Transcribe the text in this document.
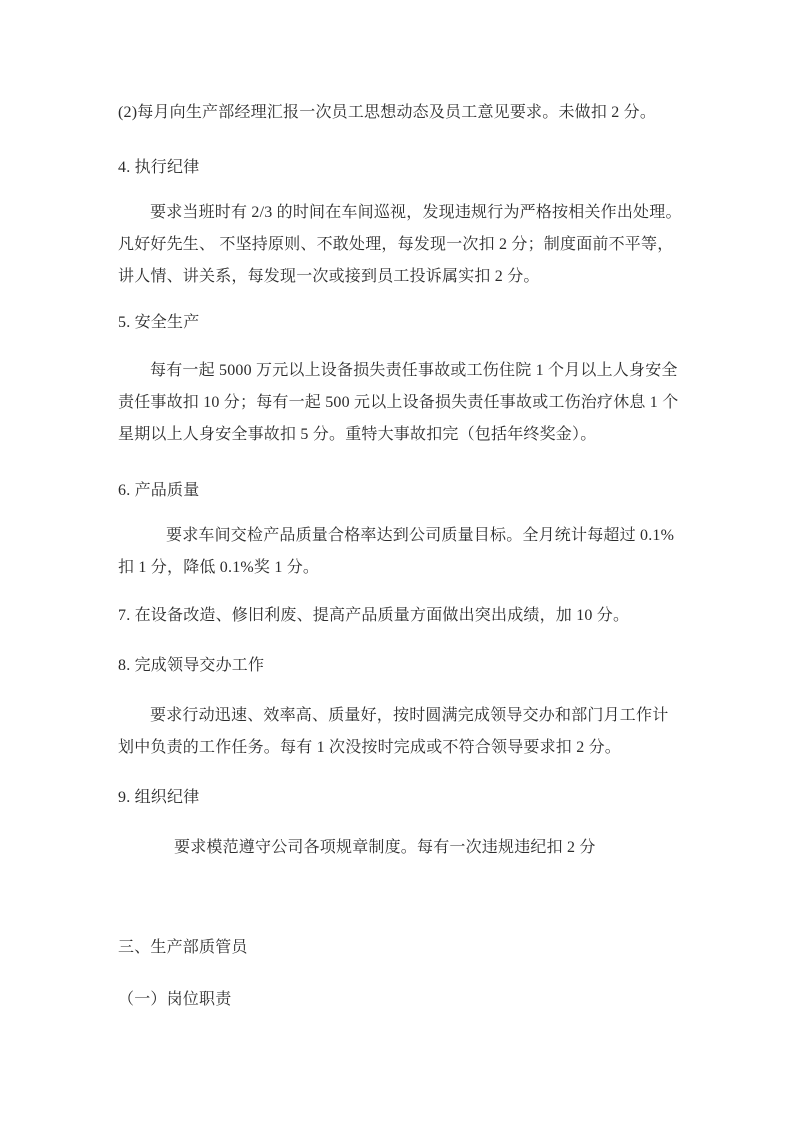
(2)每月向生产部经理汇报一次员工思想动态及员工意见要求。未做扣 2 分。

4. 执行纪律

要求当班时有 2/3 的时间在车间巡视，发现违规行为严格按相关作出处理。凡好好先生、 不坚持原则、不敢处理，每发现一次扣 2 分；制度面前不平等，讲人情、讲关系，每发现一次或接到员工投诉属实扣 2 分。

5. 安全生产

每有一起 5000 万元以上设备损失责任事故或工伤住院 1 个月以上人身安全责任事故扣 10 分；每有一起 500 元以上设备损失责任事故或工伤治疗休息 1 个星期以上人身安全事故扣 5 分。重特大事故扣完（包括年终奖金）。

6. 产品质量

要求车间交检产品质量合格率达到公司质量目标。全月统计每超过 0.1%扣 1 分，降低 0.1%奖 1 分。

7. 在设备改造、修旧利废、提高产品质量方面做出突出成绩，加 10 分。

8. 完成领导交办工作

要求行动迅速、效率高、质量好，按时圆满完成领导交办和部门月工作计划中负责的工作任务。每有 1 次没按时完成或不符合领导要求扣 2 分。

9. 组织纪律

要求模范遵守公司各项规章制度。每有一次违规违纪扣 2 分

三、生产部质管员

（一）岗位职责
